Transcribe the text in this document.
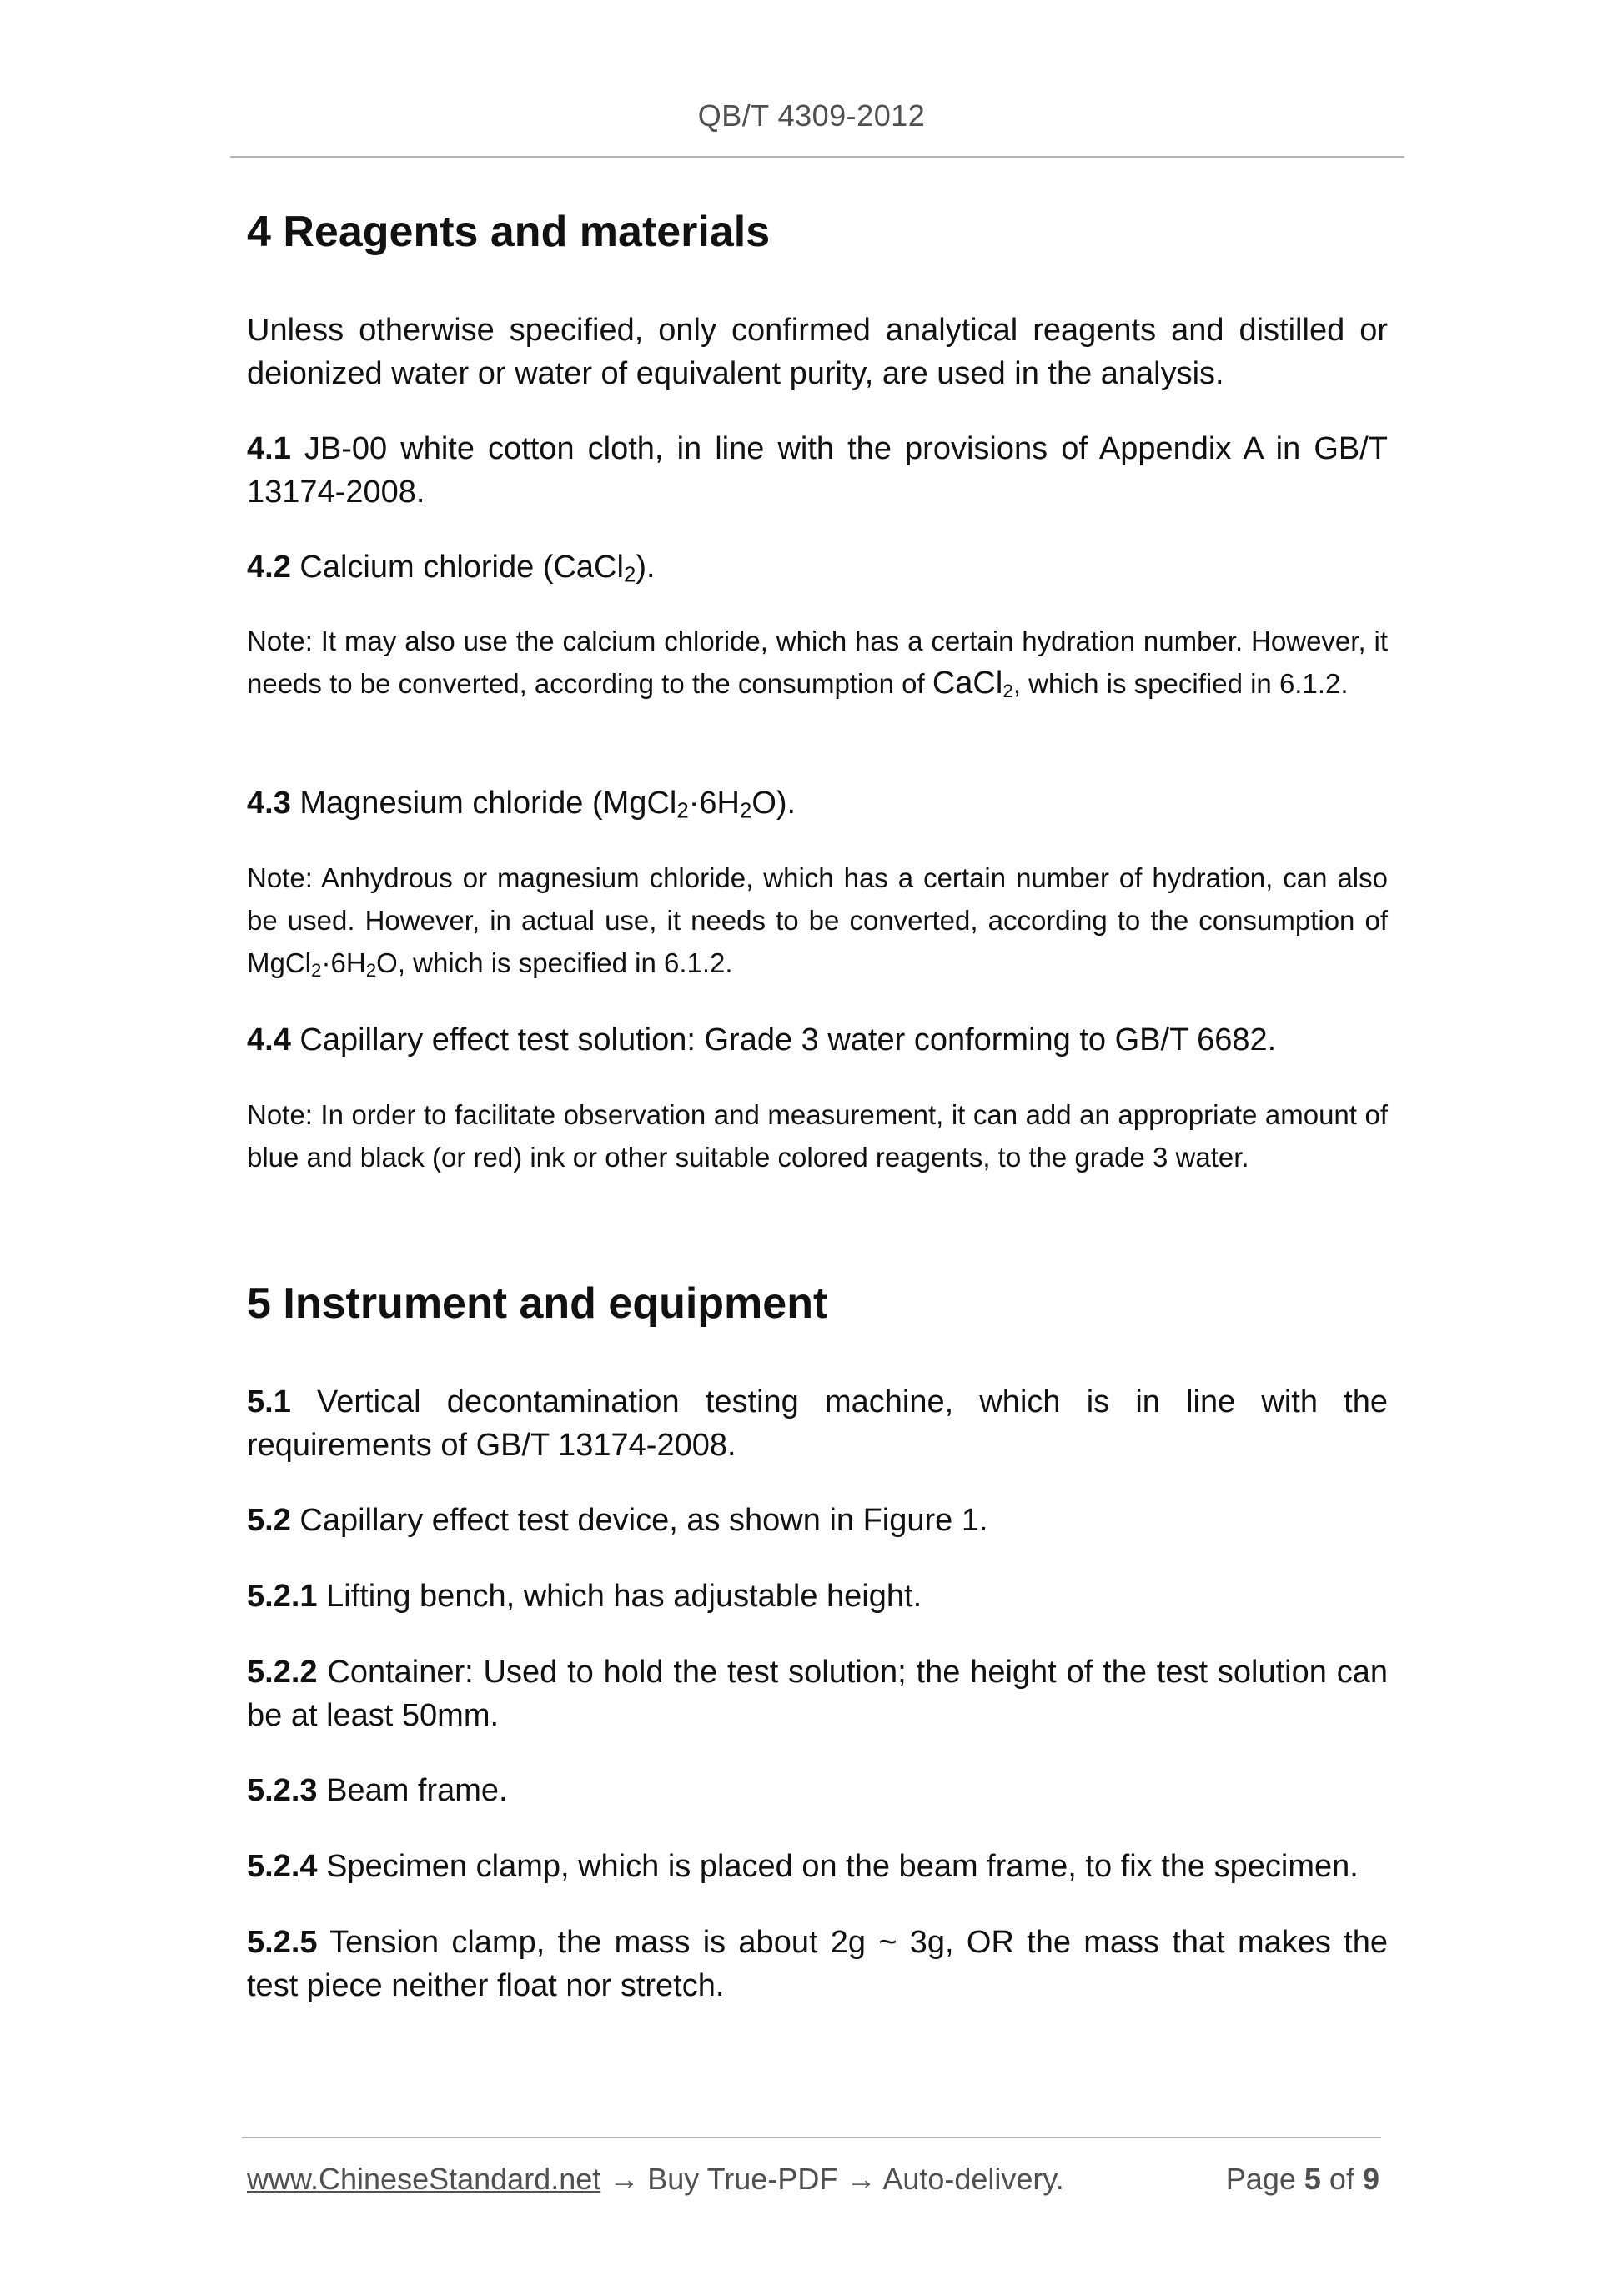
QB/T 4309-2012
4 Reagents and materials
Unless otherwise specified, only confirmed analytical reagents and distilled or deionized water or water of equivalent purity, are used in the analysis.
4.1 JB-00 white cotton cloth, in line with the provisions of Appendix A in GB/T 13174-2008.
4.2 Calcium chloride (CaCl$_2$).
Note: It may also use the calcium chloride, which has a certain hydration number. However, it needs to be converted, according to the consumption of CaCl$_2$, which is specified in 6.1.2.
4.3 Magnesium chloride $(MgCl_2\cdot 6H_2O)$.
Note: Anhydrous or magnesium chloride, which has a certain number of hydration, can also be used. However, in actual use, it needs to be converted, according to the consumption of $MgCl_2\cdot 6H_2O$, which is specified in 6.1.2.
4.4 Capillary effect test solution: Grade 3 water conforming to GB/T 6682.
Note: In order to facilitate observation and measurement, it can add an appropriate amount of blue and black (or red) ink or other suitable colored reagents, to the grade 3 water.
5 Instrument and equipment
5.1 Vertical decontamination testing machine, which is in line with the requirements of GB/T 13174-2008.
5.2 Capillary effect test device, as shown in Figure 1.
5.2.1 Lifting bench, which has adjustable height.
5.2.2 Container: Used to hold the test solution; the height of the test solution can be at least 50mm.
5.2.3 Beam frame.
5.2.4 Specimen clamp, which is placed on the beam frame, to fix the specimen.
5.2.5 Tension clamp, the mass is about 2g ~ 3g, OR the mass that makes the test piece neither float nor stretch.
www.ChineseStandard.net → Buy True-PDF → Auto-delivery.	Page 5 of 9
